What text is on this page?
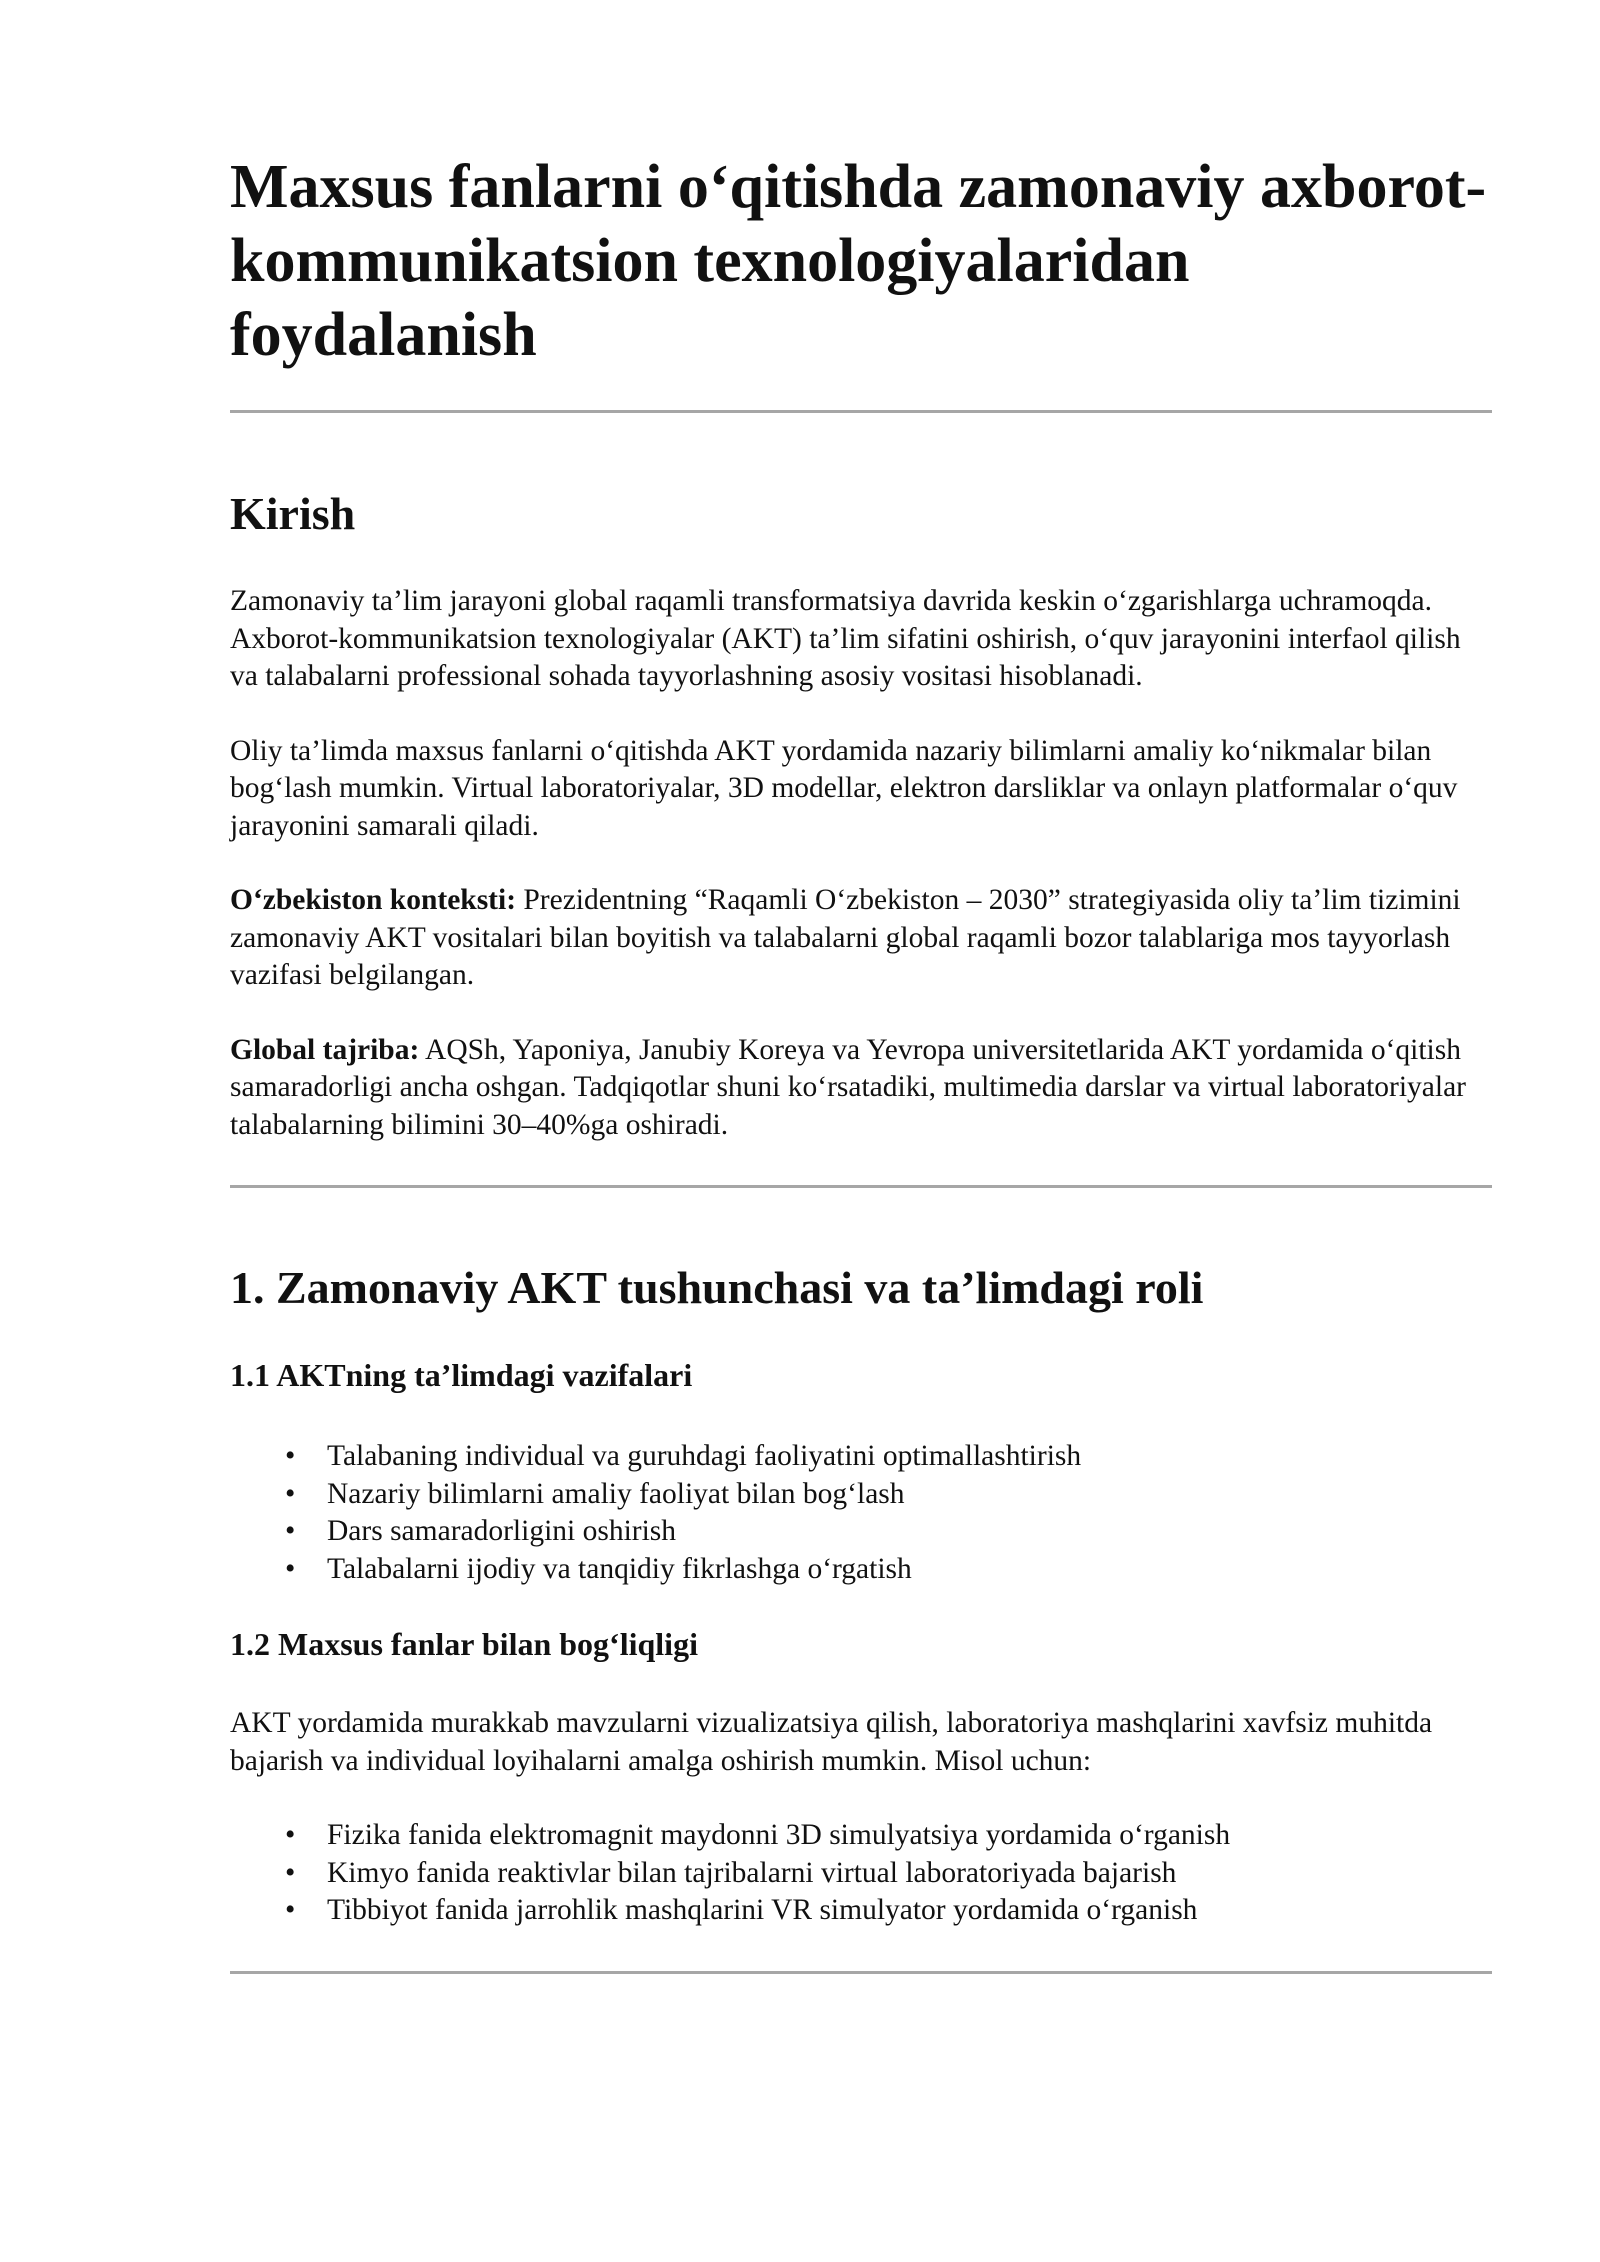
Maxsus fanlarni oʻqitishda zamonaviy axborot-kommunikatsion texnologiyalaridan foydalanish
Kirish

Zamonaviy ta’lim jarayoni global raqamli transformatsiya davrida keskin oʻzgarishlarga uchramoqda. Axborot-kommunikatsion texnologiyalar (AKT) ta’lim sifatini oshirish, oʻquv jarayonini interfaol qilish va talabalarni professional sohada tayyorlashning asosiy vositasi hisoblanadi.

Oliy ta’limda maxsus fanlarni oʻqitishda AKT yordamida nazariy bilimlarni amaliy koʻnikmalar bilan bogʻlash mumkin. Virtual laboratoriyalar, 3D modellar, elektron darsliklar va onlayn platformalar oʻquv jarayonini samarali qiladi.

Oʻzbekiston konteksti: Prezidentning “Raqamli Oʻzbekiston – 2030” strategiyasida oliy ta’lim tizimini zamonaviy AKT vositalari bilan boyitish va talabalarni global raqamli bozor talablariga mos tayyorlash vazifasi belgilangan.

Global tajriba: AQSh, Yaponiya, Janubiy Koreya va Yevropa universitetlarida AKT yordamida oʻqitish samaradorligi ancha oshgan. Tadqiqotlar shuni koʻrsatadiki, multimedia darslar va virtual laboratoriyalar talabalarning bilimini 30–40%ga oshiradi.

1. Zamonaviy AKT tushunchasi va ta’limdagi roli
1.1 AKTning ta’limdagi vazifalari
• Talabaning individual va guruhdagi faoliyatini optimallashtirish
• Nazariy bilimlarni amaliy faoliyat bilan bogʻlash
• Dars samaradorligini oshirish
• Talabalarni ijodiy va tanqidiy fikrlashga oʻrgatish
1.2 Maxsus fanlar bilan bogʻliqligi

AKT yordamida murakkab mavzularni vizualizatsiya qilish, laboratoriya mashqlarini xavfsiz muhitda bajarish va individual loyihalarni amalga oshirish mumkin. Misol uchun:

• Fizika fanida elektromagnit maydonni 3D simulyatsiya yordamida oʻrganish
• Kimyo fanida reaktivlar bilan tajribalarni virtual laboratoriyada bajarish
• Tibbiyot fanida jarrohlik mashqlarini VR simulyator yordamida oʻrganish
